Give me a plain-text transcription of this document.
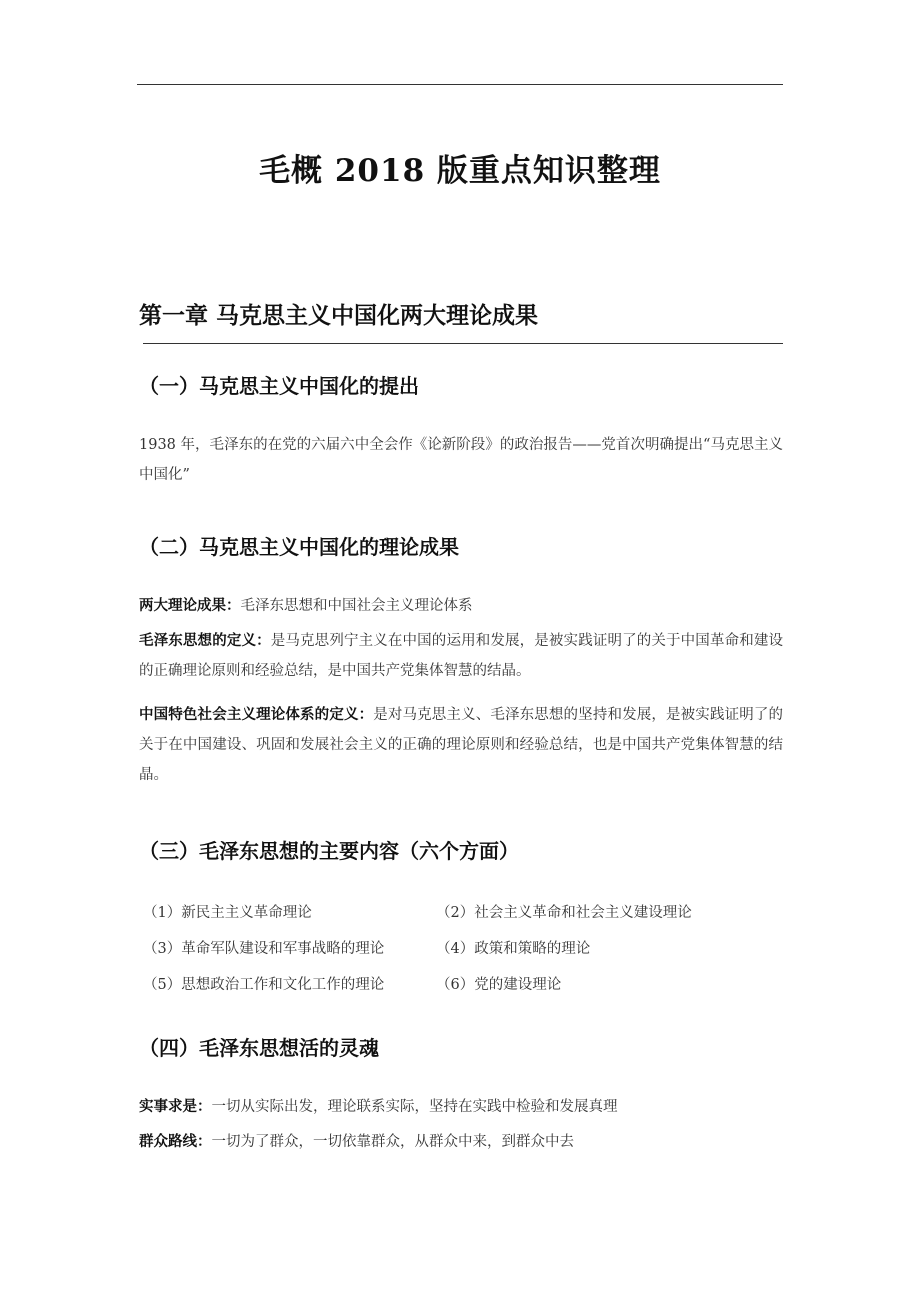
毛概 2018 版重点知识整理
第一章 马克思主义中国化两大理论成果
（一）马克思主义中国化的提出
1938 年，毛泽东的在党的六届六中全会作《论新阶段》的政治报告——党首次明确提出“马克思主义中国化”
（二）马克思主义中国化的理论成果
两大理论成果：毛泽东思想和中国社会主义理论体系
毛泽东思想的定义：是马克思列宁主义在中国的运用和发展，是被实践证明了的关于中国革命和建设的正确理论原则和经验总结，是中国共产党集体智慧的结晶。
中国特色社会主义理论体系的定义：是对马克思主义、毛泽东思想的坚持和发展，是被实践证明了的关于在中国建设、巩固和发展社会主义的正确的理论原则和经验总结，也是中国共产党集体智慧的结晶。
（三）毛泽东思想的主要内容（六个方面）
（1）新民主主义革命理论	（2）社会主义革命和社会主义建设理论
（3）革命军队建设和军事战略的理论	（4）政策和策略的理论
（5）思想政治工作和文化工作的理论	（6）党的建设理论
（四）毛泽东思想活的灵魂
实事求是：一切从实际出发，理论联系实际，坚持在实践中检验和发展真理
群众路线：一切为了群众，一切依靠群众，从群众中来，到群众中去
